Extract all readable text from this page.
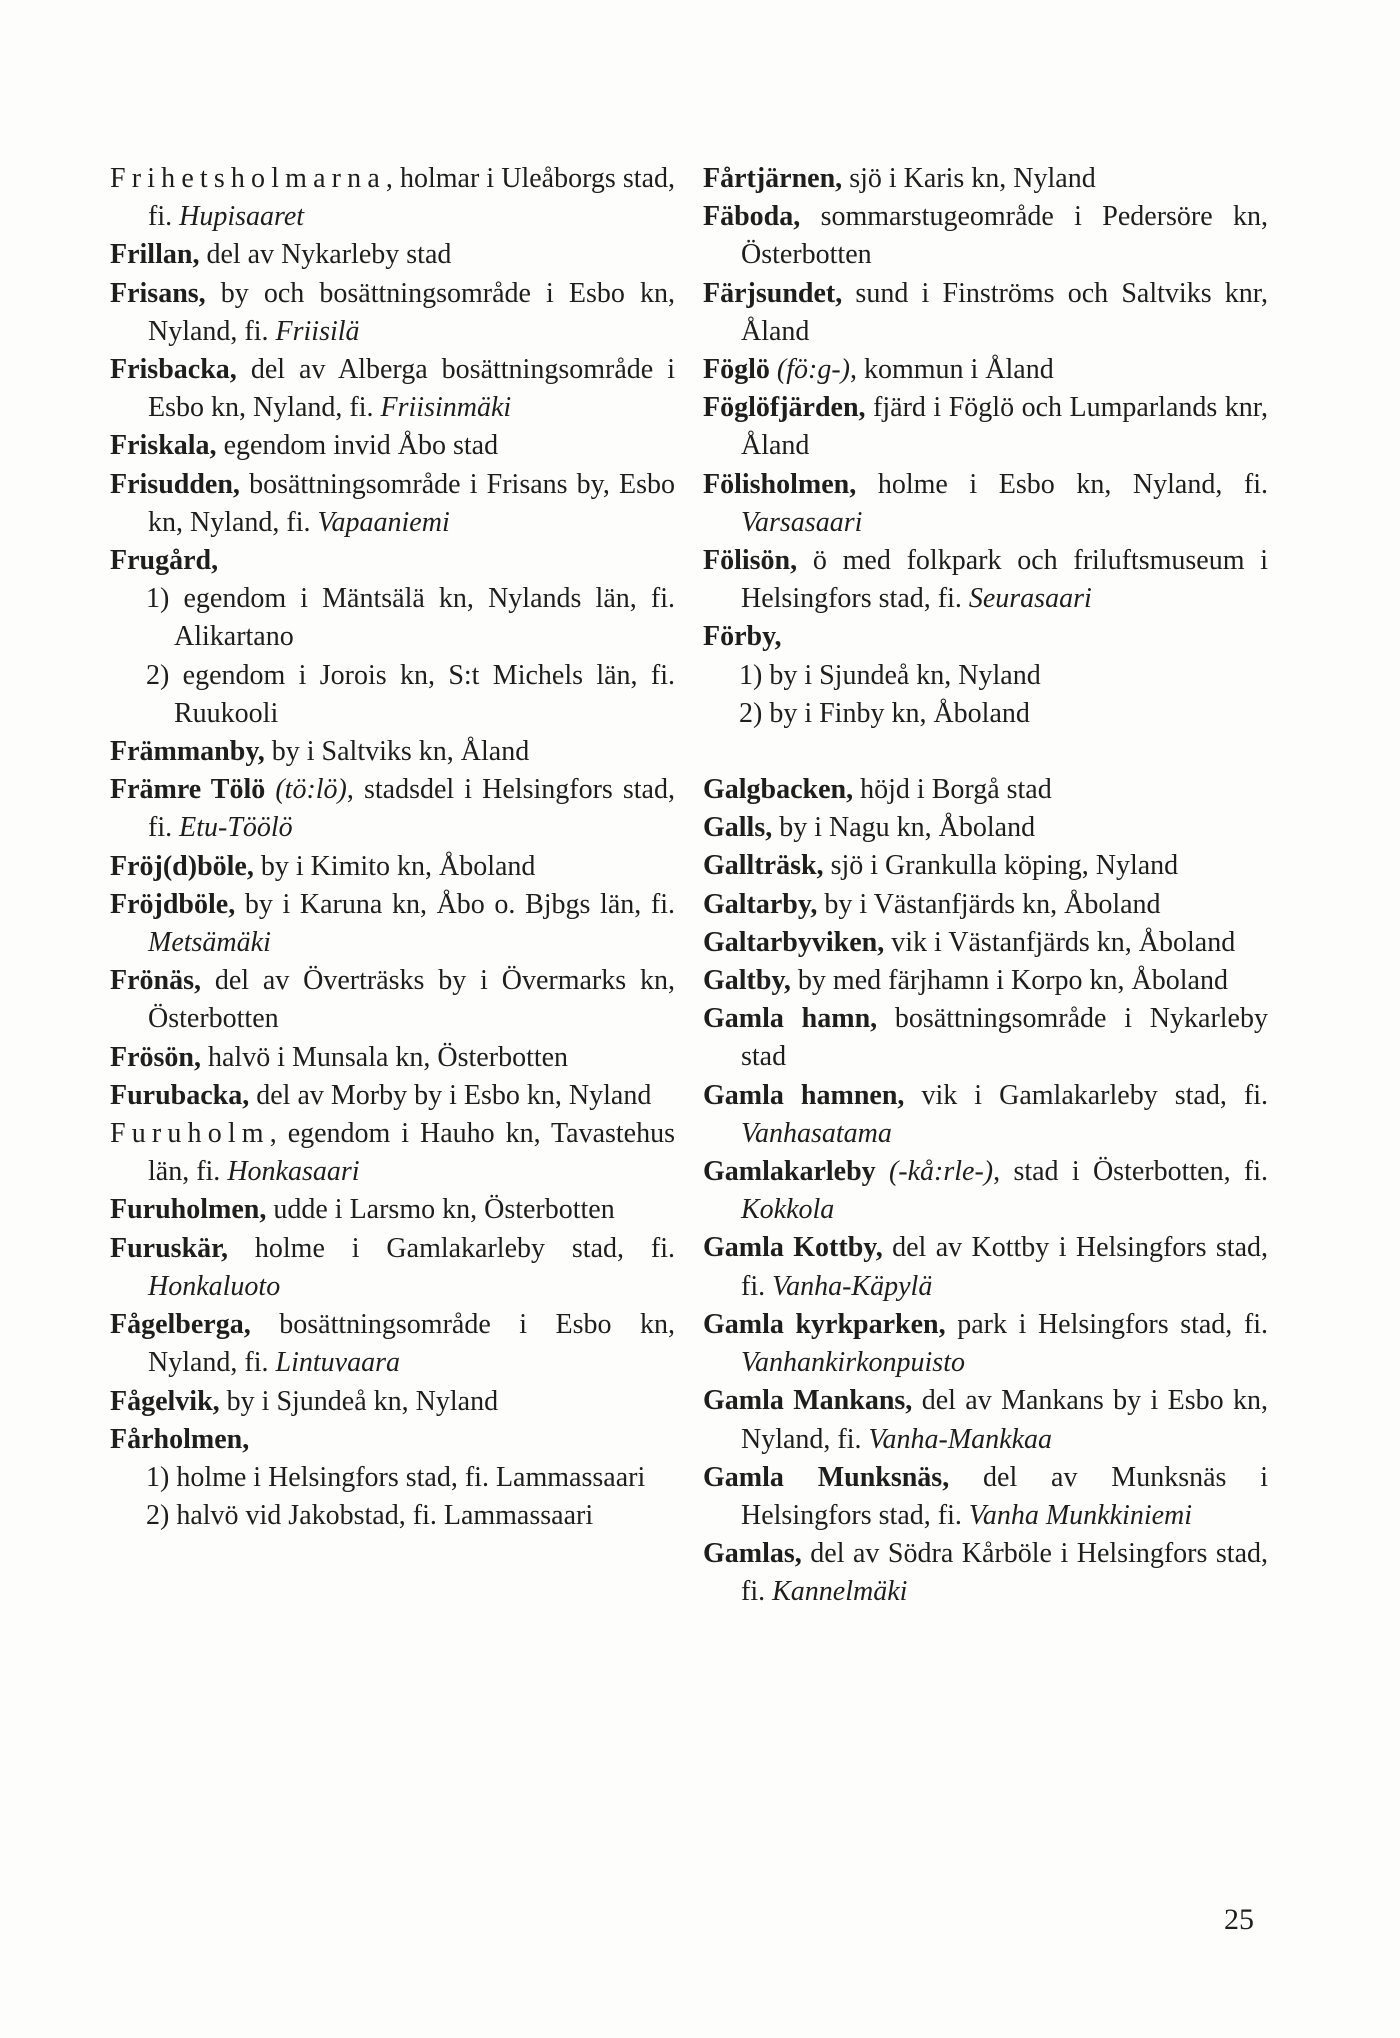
Frihetsholmarna, holmar i Uleåborgs stad, fi. Hupisaaret

Frillan, del av Nykarleby stad

Frisans, by och bosättningsområde i Esbo kn, Nyland, fi. Friisilä

Frisbacka, del av Alberga bosättningsområde i Esbo kn, Nyland, fi. Friisinmäki

Friskala, egendom invid Åbo stad

Frisudden, bosättningsområde i Frisans by, Esbo kn, Nyland, fi. Vapaaniemi

Frugård,

1) egendom i Mäntsälä kn, Nylands län, fi. Alikartano

2) egendom i Jorois kn, S:t Michels län, fi. Ruukooli

Främmanby, by i Saltviks kn, Åland

Främre Tölö (tö:lö), stadsdel i Helsingfors stad, fi. Etu-Töölö

Fröj(d)böle, by i Kimito kn, Åboland

Fröjdböle, by i Karuna kn, Åbo o. Bjbgs län, fi. Metsämäki

Frönäs, del av Överträsks by i Övermarks kn, Österbotten

Frösön, halvö i Munsala kn, Österbotten

Furubacka, del av Morby by i Esbo kn, Nyland

Furuholm, egendom i Hauho kn, Tavastehus län, fi. Honkasaari

Furuholmen, udde i Larsmo kn, Österbotten

Furuskär, holme i Gamlakarleby stad, fi. Honkaluoto

Fågelberga, bosättningsområde i Esbo kn, Nyland, fi. Lintuvaara

Fågelvik, by i Sjundeå kn, Nyland

Fårholmen,

1) holme i Helsingfors stad, fi. Lammassaari

2) halvö vid Jakobstad, fi. Lammassaari

Fårtjärnen, sjö i Karis kn, Nyland

Fäboda, sommarstugeområde i Pedersöre kn, Österbotten

Färjsundet, sund i Finströms och Saltviks knr, Åland

Föglö (fö:g-), kommun i Åland

Föglöfjärden, fjärd i Föglö och Lumparlands knr, Åland

Fölisholmen, holme i Esbo kn, Nyland, fi. Varsasaari

Fölisön, ö med folkpark och friluftsmuseum i Helsingfors stad, fi. Seurasaari

Förby,

1) by i Sjundeå kn, Nyland

2) by i Finby kn, Åboland

Galgbacken, höjd i Borgå stad

Galls, by i Nagu kn, Åboland

Gallträsk, sjö i Grankulla köping, Nyland

Galtarby, by i Västanfjärds kn, Åboland

Galtarbyviken, vik i Västanfjärds kn, Åboland

Galtby, by med färjhamn i Korpo kn, Åboland

Gamla hamn, bosättningsområde i Nykarleby stad

Gamla hamnen, vik i Gamlakarleby stad, fi. Vanhasatama

Gamlakarleby (-kå:rle-), stad i Österbotten, fi. Kokkola

Gamla Kottby, del av Kottby i Helsingfors stad, fi. Vanha-Käpylä

Gamla kyrkparken, park i Helsingfors stad, fi. Vanhankirkonpuisto

Gamla Mankans, del av Mankans by i Esbo kn, Nyland, fi. Vanha-Mankkaa

Gamla Munksnäs, del av Munksnäs i Helsingfors stad, fi. Vanha Munkkiniemi

Gamlas, del av Södra Kårböle i Helsingfors stad, fi. Kannelmäki

25
